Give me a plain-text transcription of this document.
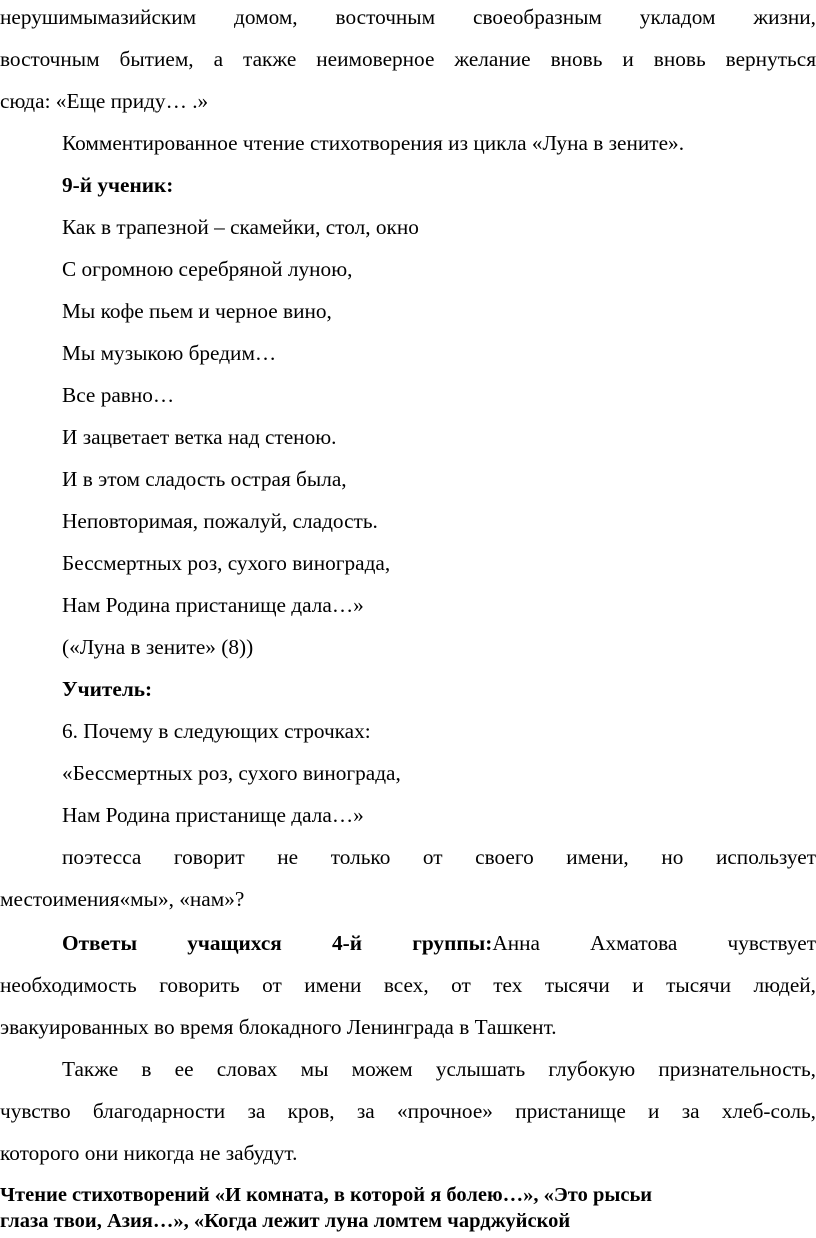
нерушимымазийским домом, восточным своеобразным укладом жизни,
восточным бытием, а также неимоверное желание вновь и вновь вернуться
сюда: «Еще приду… .»
Комментированное чтение стихотворения из цикла «Луна в зените».
9-й ученик:
Как в трапезной – скамейки, стол, окно
С огромною серебряной луною,
Мы кофе пьем и черное вино,
Мы музыкою бредим…
Все равно…
И зацветает ветка над стеною.
И в этом сладость острая была,
Неповторимая, пожалуй, сладость.
Бессмертных роз, сухого винограда,
Нам Родина пристанище дала…»
(«Луна в зените» (8))
Учитель:
6. Почему в следующих строчках:
«Бессмертных роз, сухого винограда,
Нам Родина пристанище дала…»
поэтесса говорит не только от своего имени, но использует
местоимения«мы», «нам»?
Ответы учащихся 4-й группы:Анна Ахматова чувствует
необходимость говорить от имени всех, от тех тысячи и тысячи людей,
эвакуированных во время блокадного Ленинграда в Ташкент.
Также в ее словах мы можем услышать глубокую признательность,
чувство благодарности за кров, за «прочное» пристанище и за хлеб-соль,
которого они никогда не забудут.
Чтение стихотворений «И комната, в которой я болею…», «Это рысьи
глаза твои, Азия…», «Когда лежит луна ломтем чарджуйской
